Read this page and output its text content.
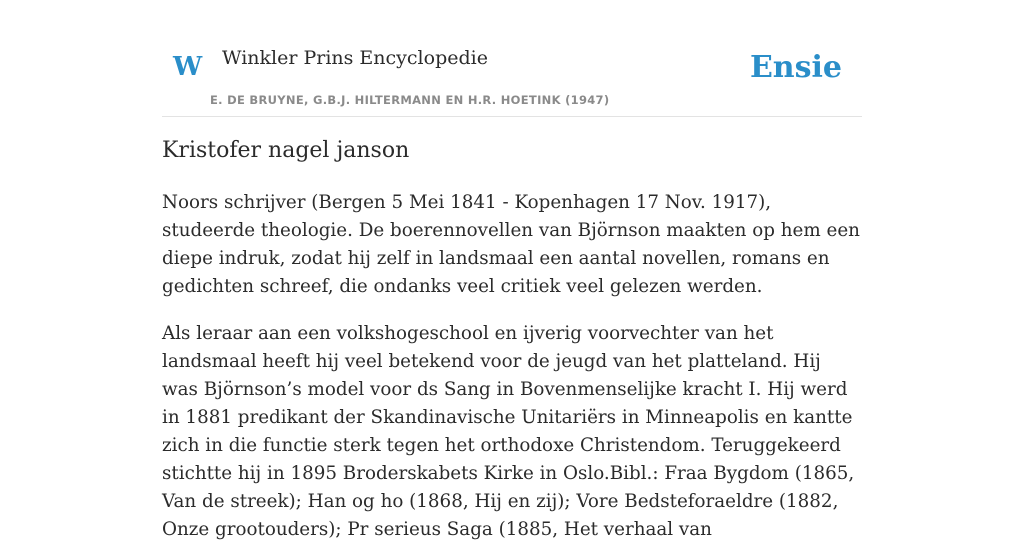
W Winkler Prins Encyclopedie
E. DE BRUYNE, G.B.J. HILTERMANN EN H.R. HOETINK (1947)
Ensie
Kristofer nagel janson

Noors schrijver (Bergen 5 Mei 1841 - Kopenhagen 17 Nov. 1917), studeerde theologie. De boerennovellen van Björnson maakten op hem een diepe indruk, zodat hij zelf in landsmaal een aantal novellen, romans en gedichten schreef, die ondanks veel critiek veel gelezen werden.

Als leraar aan een volkshogeschool en ijverig voorvechter van het landsmaal heeft hij veel betekend voor de jeugd van het platteland. Hij was Björnson’s model voor ds Sang in Bovenmenselijke kracht I. Hij werd in 1881 predikant der Skandinavische Unitariërs in Minneapolis en kantte zich in die functie sterk tegen het orthodoxe Christendom. Teruggekeerd stichtte hij in 1895 Broderskabets Kirke in Oslo.Bibl.: Fraa Bygdom (1865, Van de streek); Han og ho (1868, Hij en zij); Vore Bedsteforaeldre (1882, Onze grootouders); Pr serieus Saga (1885, Het verhaal van
